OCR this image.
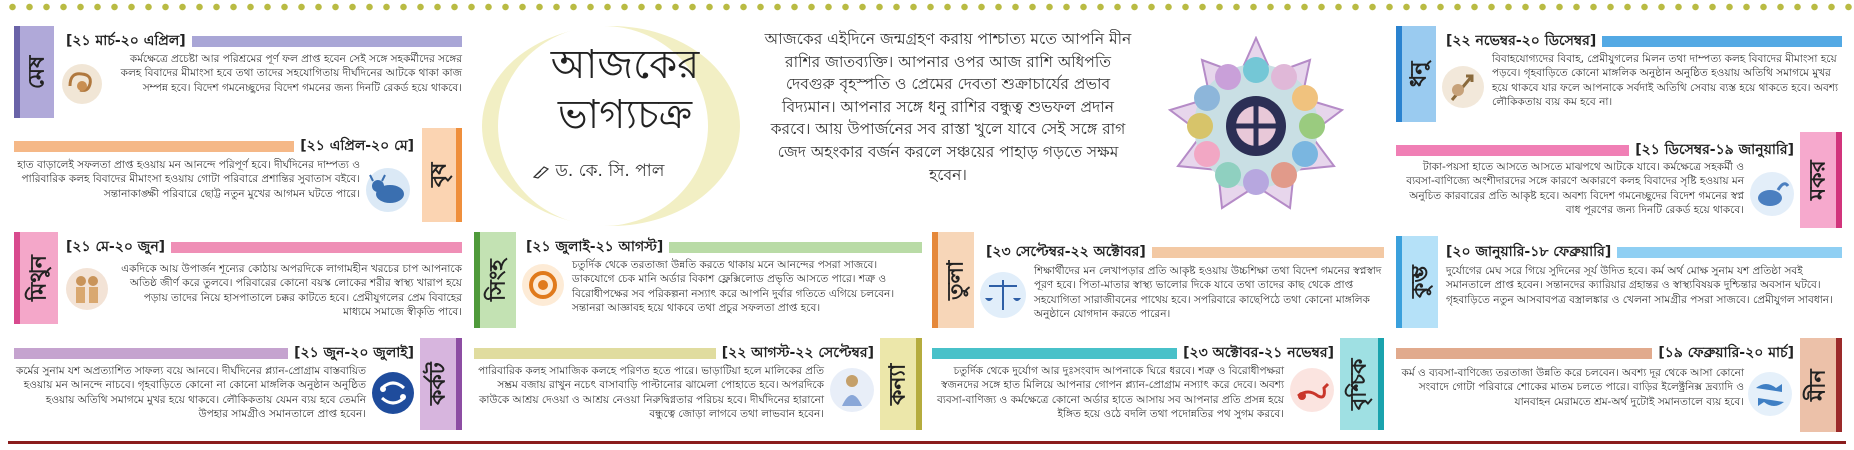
আজকের
ভাগ্যচক্র
ড. কে. সি. পাল
আজকের এইদিনে জন্মগ্রহণ করায় পাশ্চাত্য মতে আপনি মীন রাশির জাতব্যক্তি। আপনার ওপর আজ রাশি অধিপতি দেবগুরু বৃহস্পতি ও প্রেমের দেবতা শুক্রাচার্যের প্রভাব বিদ্যমান। আপনার সঙ্গে ধনু রাশির বন্ধুত্ব শুভফল প্রদান করবে। আয় উপার্জনের সব রাস্তা খুলে যাবে সেই সঙ্গে রাগ জেদ অহংকার বর্জন করলে সঞ্চয়ের পাহাড় গড়তে সক্ষম হবেন।
মেষ
[২১ মার্চ-২০ এপ্রিল]
কর্মক্ষেত্রে প্রচেষ্টা আর পরিশ্রমের পূর্ণ ফল প্রাপ্ত হবেন সেই সঙ্গে সহকর্মীদের সঙ্গের কলহ বিবাদের মীমাংসা হবে তথা তাদের সহযোগিতায় দীর্ঘদিনের আটকে থাকা কাজ সম্পন্ন হবে। বিদেশ গমনেচ্ছুদের বিদেশ গমনের জন্য দিনটি রেকর্ড হয়ে থাকবে।
বৃষ
[২১ এপ্রিল-২০ মে]
হাত বাড়ালেই সফলতা প্রাপ্ত হওয়ায় মন আনন্দে পরিপূর্ণ হবে। দীর্ঘদিনের দাম্পত্য ও পারিবারিক কলহ বিবাদের মীমাংসা হওয়ায় গোটা পরিবারে প্রশান্তির সুবাতাস বইবে। সন্তানাকাঙ্ক্ষী পরিবারে ছোট্ট নতুন মুখের আগমন ঘটতে পারে।
মিথুন
[২১ মে-২০ জুন]
একদিকে আয় উপার্জন শূন্যের কোঠায় অপরদিকে লাগামহীন খরচের চাপ আপনাকে অতিষ্ঠ জীর্ণ করে তুলবে। পরিবারের কোনো বয়স্ক লোকের শরীর স্বাস্থ্য খারাপ হয়ে পড়ায় তাদের নিয়ে হাসপাতালে চক্কর কাটতে হবে। প্রেমীযুগলের প্রেম বিবাহের মাধ্যমে সমাজে স্বীকৃতি পাবে।
কর্কট
[২১ জুন-২০ জুলাই]
কর্মের সুনাম যশ অপ্রত্যাশিত সাফল্য বয়ে আনবে। দীর্ঘদিনের প্ল্যান-প্রোগ্রাম বাস্তবায়িত হওয়ায় মন আনন্দে নাচবে। গৃহবাড়িতে কোনো না কোনো মাঙ্গলিক অনুষ্ঠান অনুষ্ঠিত হওয়ায় অতিথি সমাগমে মুখর হয়ে থাকবে। লৌকিকতায় যেমন ব্যয় হবে তেমনি উপহার সামগ্রীও সমানতালে প্রাপ্ত হবেন।
সিংহ
[২১ জুলাই-২১ আগস্ট]
চতুর্দিক থেকে তরতাজা উন্নতি করতে থাকায় মনে আনন্দের পসরা সাজবে। ডাকযোগে চেক মানি অর্ডার বিকাশ ফ্লেক্সিলোড প্রভৃতি আসতে পারে। শত্রু ও বিরোধীপক্ষের সব পরিকল্পনা নস্যাৎ করে আপনি দুর্বার গতিতে এগিয়ে চলবেন। সন্তানরা আজ্ঞাবহ হয়ে থাকবে তথা প্রচুর সফলতা প্রাপ্ত হবে।
কন্যা
[২২ আগস্ট-২২ সেপ্টেম্বর]
পারিবারিক কলহ সামাজিক কলহে পরিণত হতে পারে। ভাড়াটিয়া হলে মালিকের প্রতি সম্ভ্রম বজায় রাখুন নচেৎ বাসাবাড়ি পাল্টানোর ঝামেলা পোহাতে হবে। অপরদিকে কাউকে আশ্রয় দেওয়া ও আশ্রয় নেওয়া নিরুদ্বিগ্নতার পরিচয় হবে। দীর্ঘদিনের হারানো বন্ধুত্বে জোড়া লাগবে তথা লাভবান হবেন।
তুলা
[২৩ সেপ্টেম্বর-২২ অক্টোবর]
শিক্ষার্থীদের মন লেখাপড়ার প্রতি আকৃষ্ট হওয়ায় উচ্চশিক্ষা তথা বিদেশ গমনের স্বপ্নস্বাদ পূরণ হবে। পিতা-মাতার স্বাস্থ্য ভালোর দিকে যাবে তথা তাদের কাছ থেকে প্রাপ্ত সহযোগিতা সারাজীবনের পাথেয় হবে। সপরিবারে কাছেপিঠে তথা কোনো মাঙ্গলিক অনুষ্ঠানে যোগদান করতে পারেন।
বৃশ্চিক
[২৩ অক্টোবর-২১ নভেম্বর]
চতুর্দিক থেকে দুর্যোগ আর দুঃসংবাদ আপনাকে ঘিরে ধরবে। শত্রু ও বিরোধীপক্ষরা স্বজনদের সঙ্গে হাত মিলিয়ে আপনার গোপন প্ল্যান-প্রোগ্রাম নস্যাৎ করে দেবে। অবশ্য ব্যবসা-বাণিজ্য ও কর্মক্ষেত্রে কোনো অর্ডার হাতে আসায় সব আপনার প্রতি প্রসন্ন হয়ে ইঙ্গিত হয়ে ওঠে বদলি তথা পদোন্নতির পথ সুগম করবে।
ধনু
[২২ নভেম্বর-২০ ডিসেম্বর]
বিবাহযোগ্যদের বিবাহ, প্রেমীযুগলের মিলন তথা দাম্পত্য কলহ বিবাদের মীমাংসা হয়ে পড়বে। গৃহবাড়িতে কোনো মাঙ্গলিক অনুষ্ঠান অনুষ্ঠিত হওয়ায় অতিথি সমাগমে মুখর হয়ে থাকবে যার ফলে আপনাকে সর্বদাই অতিথি সেবায় ব্যস্ত হয়ে থাকতে হবে। অবশ্য লৌকিকতায় ব্যয় কম হবে না।
মকর
[২১ ডিসেম্বর-১৯ জানুয়ারি]
টাকা-পয়সা হাতে আসতে আসতে মাঝপথে আটকে যাবে। কর্মক্ষেত্রে সহকর্মী ও ব্যবসা-বাণিজ্যে অংশীদারদের সঙ্গে কারণে অকারণে কলহ বিবাদের সৃষ্টি হওয়ায় মন অনুচিত কারবারের প্রতি আকৃষ্ট হবে। অবশ্য বিদেশ গমনেচ্ছুদের বিদেশ গমনের স্বপ্ন বাধ পূরণের জন্য দিনটি রেকর্ড হয়ে থাকবে।
কুম্ভ
[২০ জানুয়ারি-১৮ ফেব্রুয়ারি]
দুর্যোগের মেঘ সরে গিয়ে সুদিনের সূর্য উদিত হবে। কর্ম অর্থ মোক্ষ সুনাম যশ প্রতিষ্ঠা সবই সমানতালে প্রাপ্ত হবেন। সন্তানদের ক্যারিয়ার গ্রহান্তর ও স্বাস্থ্যবিষয়ক দুশ্চিন্তার অবসান ঘটবে। গৃহবাড়িতে নতুন আসবাবপত্র বস্ত্রালঙ্কার ও খেলনা সামগ্রীর পসরা সাজবে। প্রেমীযুগল সাবধান।
মীন
[১৯ ফেব্রুয়ারি-২০ মার্চ]
কর্ম ও ব্যবসা-বাণিজ্যে তরতাজা উন্নতি করে চলবেন। অবশ্য দূর থেকে আসা কোনো সংবাদে গোটা পরিবারে শোকের মাতম চলতে পারে। বাড়ির ইলেক্ট্রনিক্স দ্রব্যাদি ও যানবাহন মেরামতে শ্রম-অর্থ দুটোই সমানতালে ব্যয় হবে।
